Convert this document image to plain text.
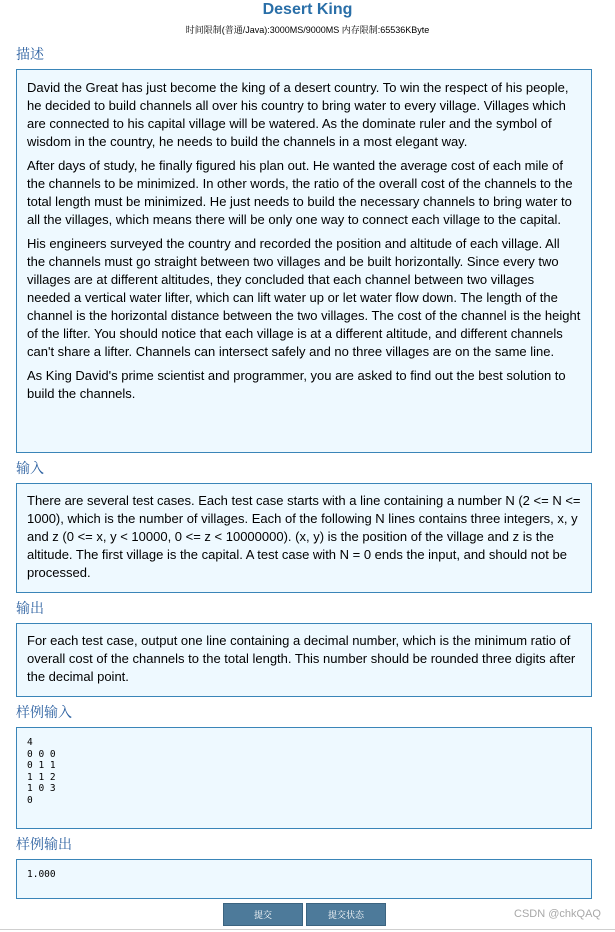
Desert King
时间限制(普通/Java):3000MS/9000MS 内存限制:65536KByte
描述

David the Great has just become the king of a desert country. To win the respect of his people, he decided to build channels all over his country to bring water to every village. Villages which are connected to his capital village will be watered. As the dominate ruler and the symbol of wisdom in the country, he needs to build the channels in a most elegant way.

After days of study, he finally figured his plan out. He wanted the average cost of each mile of the channels to be minimized. In other words, the ratio of the overall cost of the channels to the total length must be minimized. He just needs to build the necessary channels to bring water to all the villages, which means there will be only one way to connect each village to the capital.

His engineers surveyed the country and recorded the position and altitude of each village. All the channels must go straight between two villages and be built horizontally. Since every two villages are at different altitudes, they concluded that each channel between two villages needed a vertical water lifter, which can lift water up or let water flow down. The length of the channel is the horizontal distance between the two villages. The cost of the channel is the height of the lifter. You should notice that each village is at a different altitude, and different channels can't share a lifter. Channels can intersect safely and no three villages are on the same line.

As King David's prime scientist and programmer, you are asked to find out the best solution to build the channels.

输入

There are several test cases. Each test case starts with a line containing a number N (2 <= N <= 1000), which is the number of villages. Each of the following N lines contains three integers, x, y and z (0 <= x, y < 10000, 0 <= z < 10000000). (x, y) is the position of the village and z is the altitude. The first village is the capital. A test case with N = 0 ends the input, and should not be processed.

输出

For each test case, output one line containing a decimal number, which is the minimum ratio of overall cost of the channels to the total length. This number should be rounded three digits after the decimal point.

样例输入
4
0 0 0
0 1 1
1 1 2
1 0 3
0
样例输出
1.000
提交	提交状态	CSDN @chkQAQ
